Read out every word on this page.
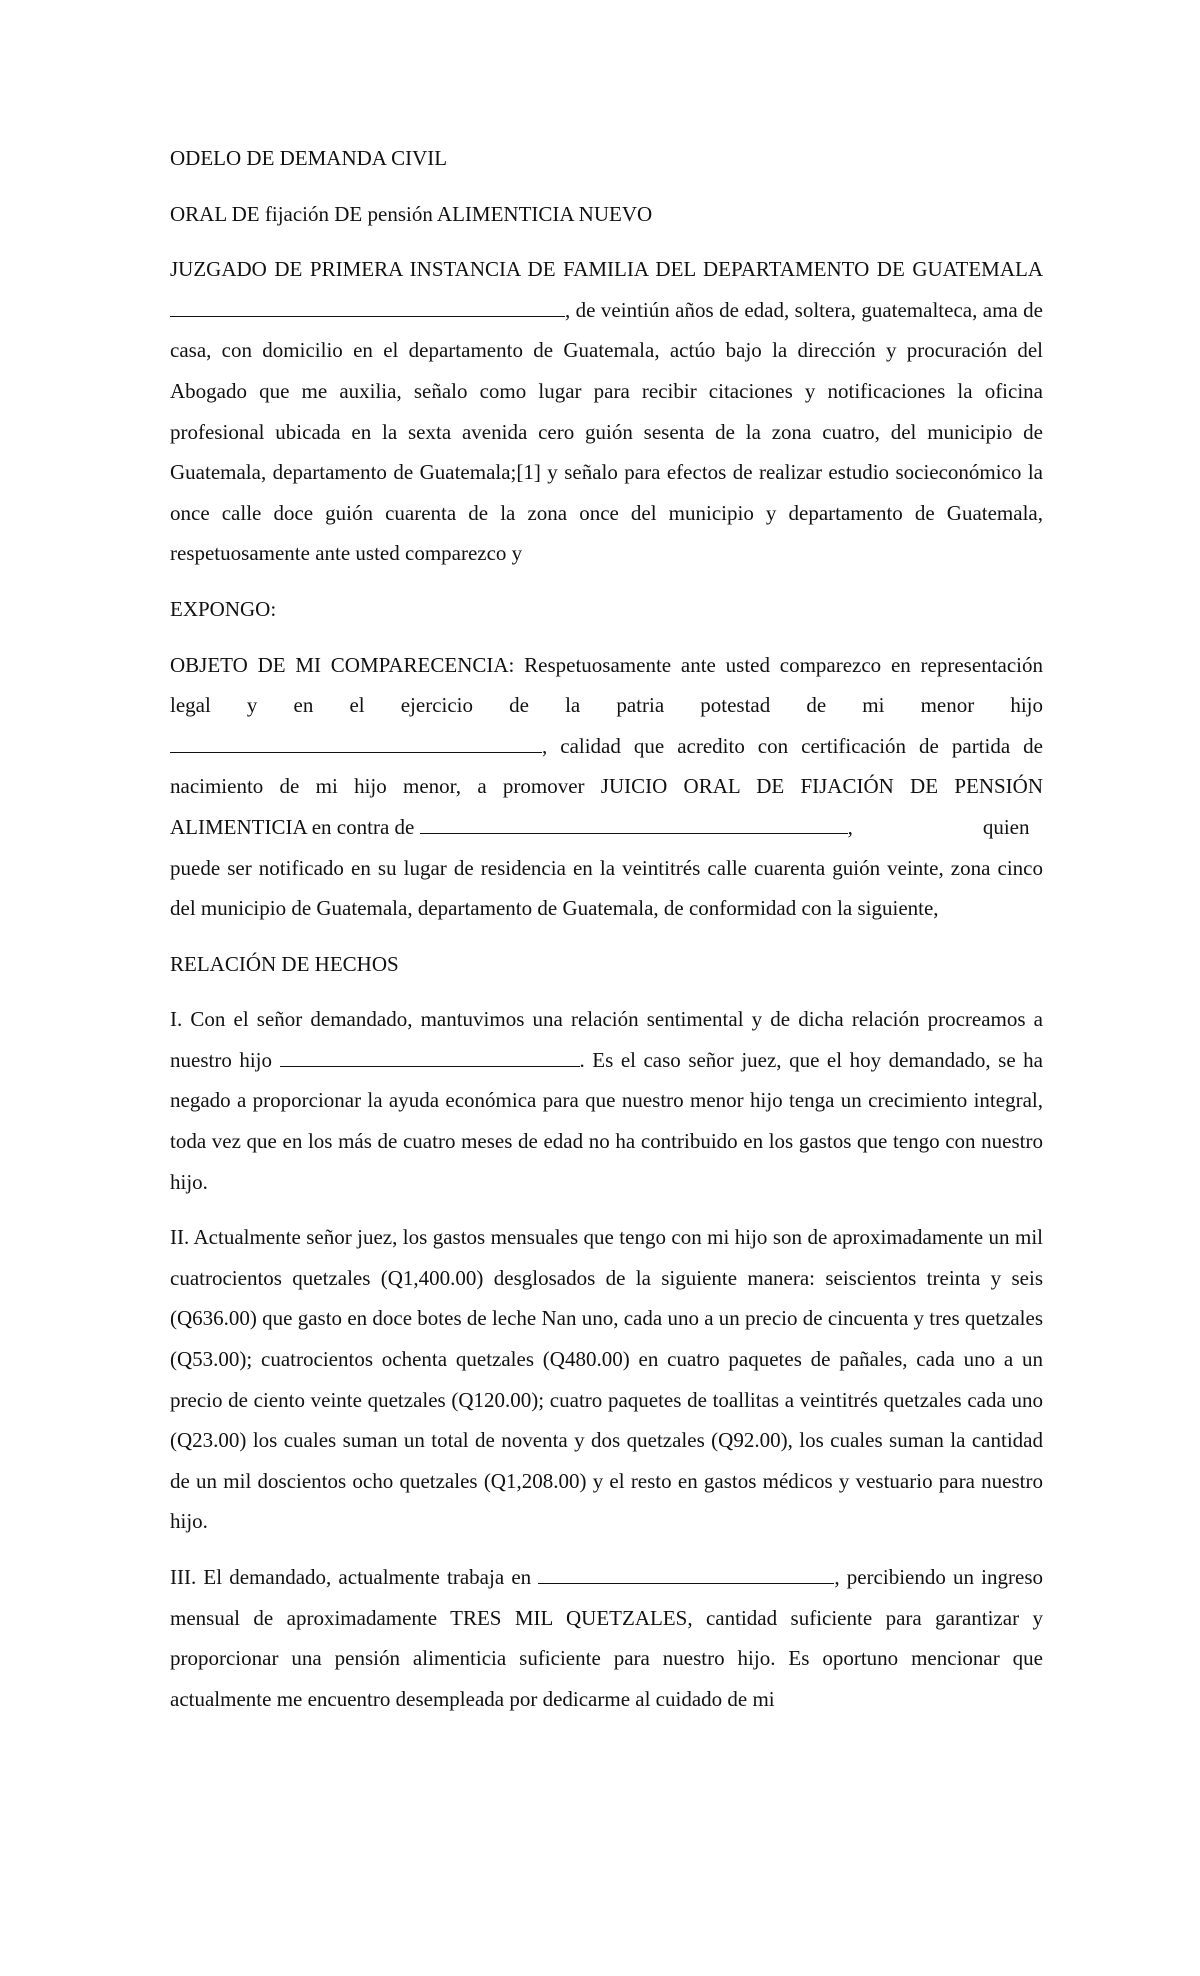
ODELO DE DEMANDA CIVIL

ORAL DE fijación DE pensión ALIMENTICIA NUEVO

JUZGADO DE PRIMERA INSTANCIA DE FAMILIA DEL DEPARTAMENTO DE GUATEMALA, de veintiún años de edad, soltera, guatemalteca, ama de casa, con domicilio en el departamento de Guatemala, actúo bajo la dirección y procuración del Abogado que me auxilia, señalo como lugar para recibir citaciones y notificaciones la oficina profesional ubicada en la sexta avenida cero guión sesenta de la zona cuatro, del municipio de Guatemala, departamento de Guatemala;[1] y señalo para efectos de realizar estudio socieconómico la once calle doce guión cuarenta de la zona once del municipio y departamento de Guatemala, respetuosamente ante usted comparezco y

EXPONGO:

OBJETO DE MI COMPARECENCIA: Respetuosamente ante usted comparezco en representación legal y en el ejercicio de la patria potestad de mi menor hijo , calidad que acredito con certificación de partida de nacimiento de mi hijo menor, a promover JUICIO ORAL DE FIJACIÓN DE PENSIÓN ALIMENTICIA en contra de	,	quien
puede ser notificado en su lugar de residencia en la veintitrés calle cuarenta guión veinte, zona cinco del municipio de Guatemala, departamento de Guatemala, de conformidad con la siguiente,

RELACIÓN DE HECHOS

I. Con el señor demandado, mantuvimos una relación sentimental y de dicha relación procreamos a nuestro hijo	. Es el caso señor juez, que el hoy demandado, se ha negado a proporcionar la ayuda económica para que nuestro menor hijo tenga un crecimiento integral, toda vez que en los más de cuatro meses de edad no ha contribuido en los gastos que tengo con nuestro hijo.

II. Actualmente señor juez, los gastos mensuales que tengo con mi hijo son de aproximadamente un mil cuatrocientos quetzales (Q1,400.00) desglosados de la siguiente manera: seiscientos treinta y seis (Q636.00) que gasto en doce botes de leche Nan uno, cada uno a un precio de cincuenta y tres quetzales (Q53.00); cuatrocientos ochenta quetzales (Q480.00) en cuatro paquetes de pañales, cada uno a un precio de ciento veinte quetzales (Q120.00); cuatro paquetes de toallitas a veintitrés quetzales cada uno (Q23.00) los cuales suman un total de noventa y dos quetzales (Q92.00), los cuales suman la cantidad de un mil doscientos ocho quetzales (Q1,208.00) y el resto en gastos médicos y vestuario para nuestro hijo.

III. El demandado, actualmente trabaja en	, percibiendo un ingreso mensual de aproximadamente TRES MIL QUETZALES, cantidad suficiente para garantizar y proporcionar una pensión alimenticia suficiente para nuestro hijo. Es oportuno mencionar que actualmente me encuentro desempleada por dedicarme al cuidado de mi
